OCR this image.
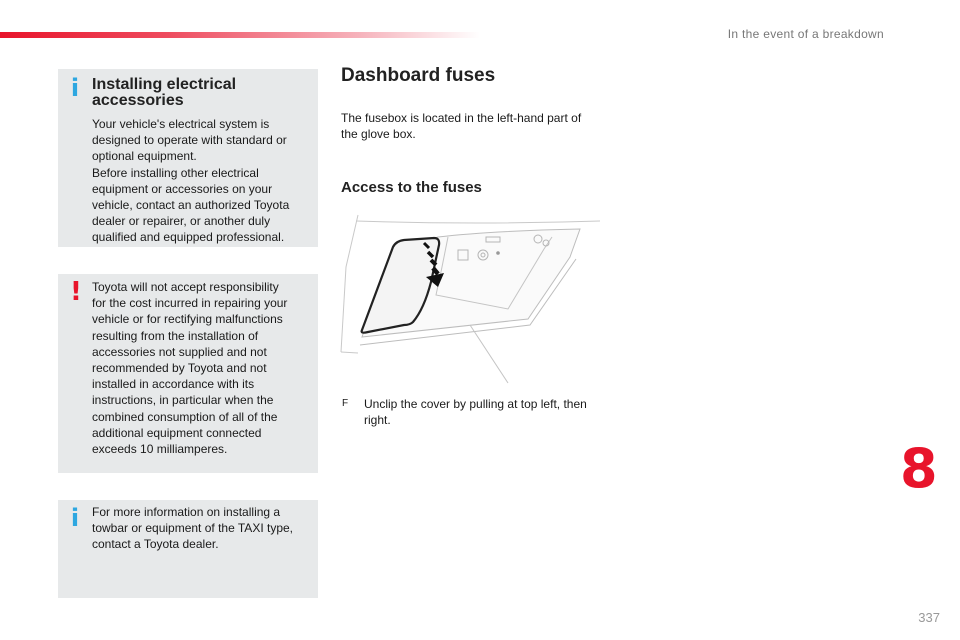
In the event of a breakdown
i Installing electrical
accessories
Your vehicle's electrical system is
designed to operate with standard or
optional equipment.
Before installing other electrical
equipment or accessories on your
vehicle, contact an authorized Toyota
dealer or repairer, or another duly
qualified and equipped professional.
! Toyota will not accept responsibility
for the cost incurred in repairing your
vehicle or for rectifying malfunctions
resulting from the installation of
accessories not supplied and not
recommended by Toyota and not
installed in accordance with its
instructions, in particular when the
combined consumption of all of the
additional equipment connected
exceeds 10 milliamperes.
i For more information on installing a
towbar or equipment of the TAXI type,
contact a Toyota dealer.
Dashboard fuses
The fusebox is located in the left-hand part of
the glove box.
Access to the fuses
F	Unclip the cover by pulling at top left, then
right.
8
337
